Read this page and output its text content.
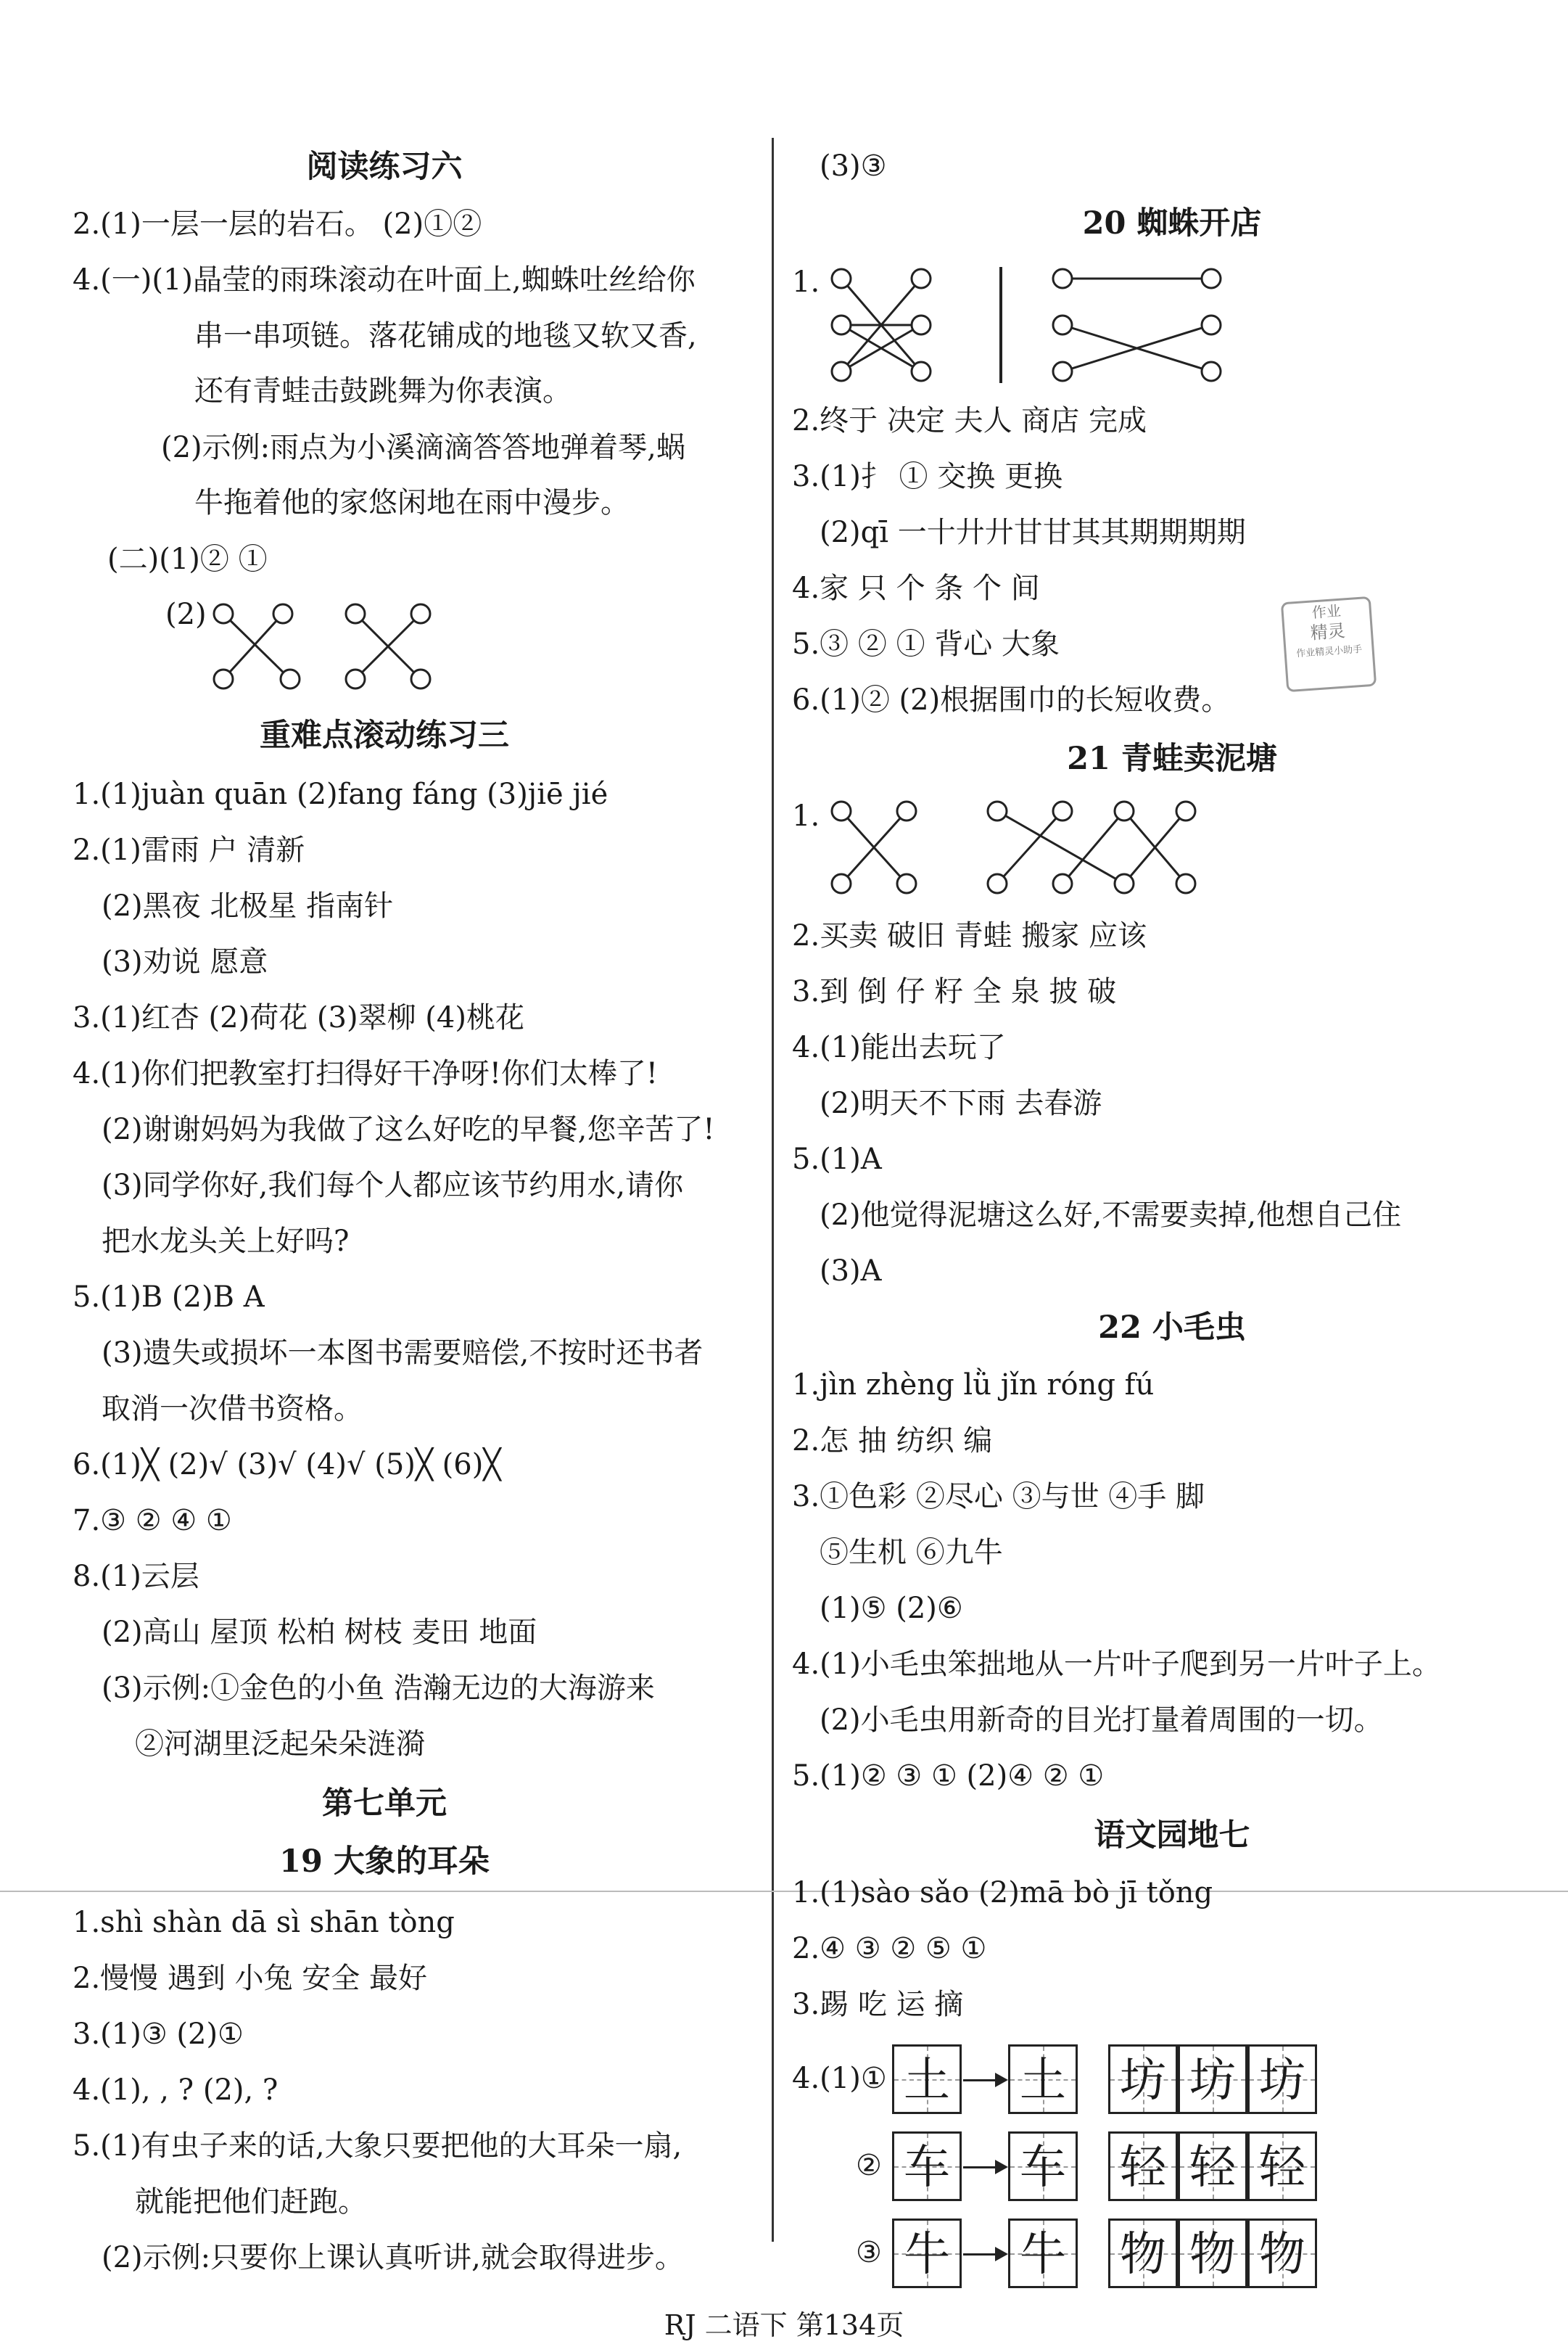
阅读练习六
2.(1)一层一层的岩石。 (2)①②
4.(一)(1)晶莹的雨珠滚动在叶面上,蜘蛛吐丝给你
串一串项链。落花铺成的地毯又软又香,
还有青蛙击鼓跳舞为你表演。
(2)示例:雨点为小溪滴滴答答地弹着琴,蜗
牛拖着他的家悠闲地在雨中漫步。
(二)(1)② ①
(2)
重难点滚动练习三
1.(1)juàn quān (2)fang fáng (3)jiē jié
2.(1)雷雨 户 清新
(2)黑夜 北极星 指南针
(3)劝说 愿意
3.(1)红杏 (2)荷花 (3)翠柳 (4)桃花
4.(1)你们把教室打扫得好干净呀!你们太棒了!
(2)谢谢妈妈为我做了这么好吃的早餐,您辛苦了!
(3)同学你好,我们每个人都应该节约用水,请你
把水龙头关上好吗?
5.(1)B (2)B A
(3)遗失或损坏一本图书需要赔偿,不按时还书者
取消一次借书资格。
6.(1)╳ (2)√ (3)√ (4)√ (5)╳ (6)╳
7.③ ② ④ ①
8.(1)云层
(2)高山 屋顶 松柏 树枝 麦田 地面
(3)示例:①金色的小鱼 浩瀚无边的大海游来
②河湖里泛起朵朵涟漪
第七单元
19 大象的耳朵
1.shì shàn dā sì shān tòng
2.慢慢 遇到 小兔 安全 最好
3.(1)③ (2)①
4.(1), , ? (2), ?
5.(1)有虫子来的话,大象只要把他的大耳朵一扇,
就能把他们赶跑。
(2)示例:只要你上课认真听讲,就会取得进步。
(3)③
20 蜘蛛开店
1.
2.终于 决定 夫人 商店 完成
3.(1)扌 ① 交换 更换
(2)qī 一十廾廾甘甘其其期期期期
4.家 只 个 条 个 间
5.③ ② ① 背心 大象
6.(1)② (2)根据围巾的长短收费。
21 青蛙卖泥塘
1.
2.买卖 破旧 青蛙 搬家 应该
3.到 倒 仔 籽 全 泉 披 破
4.(1)能出去玩了
(2)明天不下雨 去春游
5.(1)A
(2)他觉得泥塘这么好,不需要卖掉,他想自己住
(3)A
22 小毛虫
1.jìn zhèng lǜ jǐn róng fú
2.怎 抽 纺织 编
3.①色彩 ②尽心 ③与世 ④手 脚
⑤生机 ⑥九牛
(1)⑤ (2)⑥
4.(1)小毛虫笨拙地从一片叶子爬到另一片叶子上。
(2)小毛虫用新奇的目光打量着周围的一切。
5.(1)② ③ ① (2)④ ② ①
语文园地七
1.(1)sào sǎo (2)mā bò jī tǒng
2.④ ③ ② ⑤ ①
3.踢 吃 运 摘
4.(1)①
②
③
土 土 坊 坊 坊
车 车 轻 轻 轻
牛 牛 物 物 物
作业
精灵
作业精灵小助手
RJ 二语下 第134页
